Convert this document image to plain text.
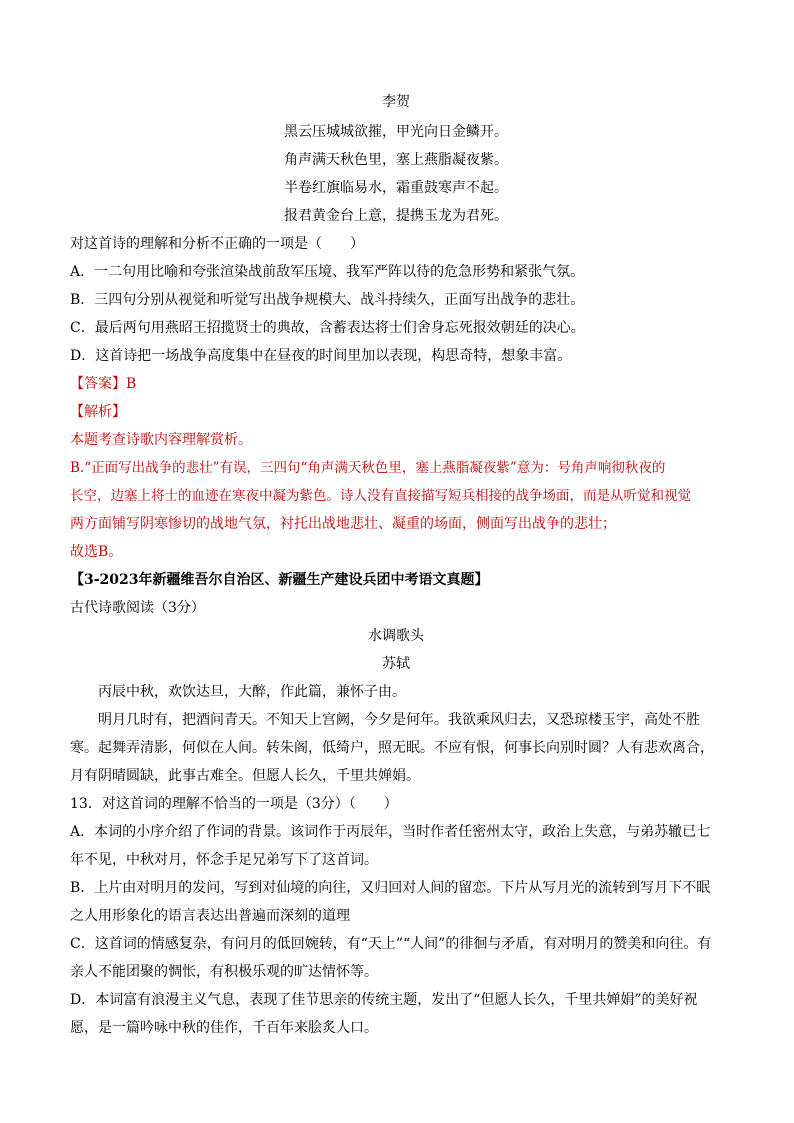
李贺
黑云压城城欲摧，甲光向日金鳞开。
角声满天秋色里，塞上燕脂凝夜紫。
半卷红旗临易水，霜重鼓寒声不起。
报君黄金台上意，提携玉龙为君死。
对这首诗的理解和分析不正确的一项是（　　）
A．一二句用比喻和夸张渲染战前敌军压境、我军严阵以待的危急形势和紧张气氛。
B．三四句分别从视觉和听觉写出战争规模大、战斗持续久，正面写出战争的悲壮。
C．最后两句用燕昭王招揽贤士的典故，含蓄表达将士们舍身忘死报效朝廷的决心。
D．这首诗把一场战争高度集中在昼夜的时间里加以表现，构思奇特，想象丰富。
【答案】B
【解析】
本题考查诗歌内容理解赏析。
B.“正面写出战争的悲壮”有误，三四句“角声满天秋色里，塞上燕脂凝夜紫”意为：号角声响彻秋夜的
长空，边塞上将士的血迹在寒夜中凝为紫色。诗人没有直接描写短兵相接的战争场面，而是从听觉和视觉
两方面铺写阴寒惨切的战地气氛，衬托出战地悲壮、凝重的场面，侧面写出战争的悲壮；
故选B。
【3-2023年新疆维吾尔自治区、新疆生产建设兵团中考语文真题】
古代诗歌阅读（3分）
水调歌头
苏轼
丙辰中秋，欢饮达旦，大醉，作此篇，兼怀子由。
明月几时有，把酒问青天。不知天上宫阙，今夕是何年。我欲乘风归去，又恐琼楼玉宇，高处不胜寒。起舞弄清影，何似在人间。转朱阁，低绮户，照无眠。不应有恨，何事长向别时圆？人有悲欢离合，月有阴晴圆缺，此事古难全。但愿人长久，千里共婵娟。
13．对这首词的理解不恰当的一项是（3分）（　　）
A．本词的小序介绍了作词的背景。该词作于丙辰年，当时作者任密州太守，政治上失意，与弟苏辙已七年不见，中秋对月，怀念手足兄弟写下了这首词。
B．上片由对明月的发问，写到对仙境的向往，又归回对人间的留恋。下片从写月光的流转到写月下不眠之人用形象化的语言表达出普遍而深刻的道理
C．这首词的情感复杂，有问月的低回婉转，有“天上”“人间”的徘徊与矛盾，有对明月的赞美和向往。有亲人不能团聚的惆怅，有积极乐观的旷达情怀等。
D．本词富有浪漫主义气息，表现了佳节思亲的传统主题，发出了“但愿人长久，千里共婵娟”的美好祝愿，是一篇吟咏中秋的佳作，千百年来脍炙人口。
